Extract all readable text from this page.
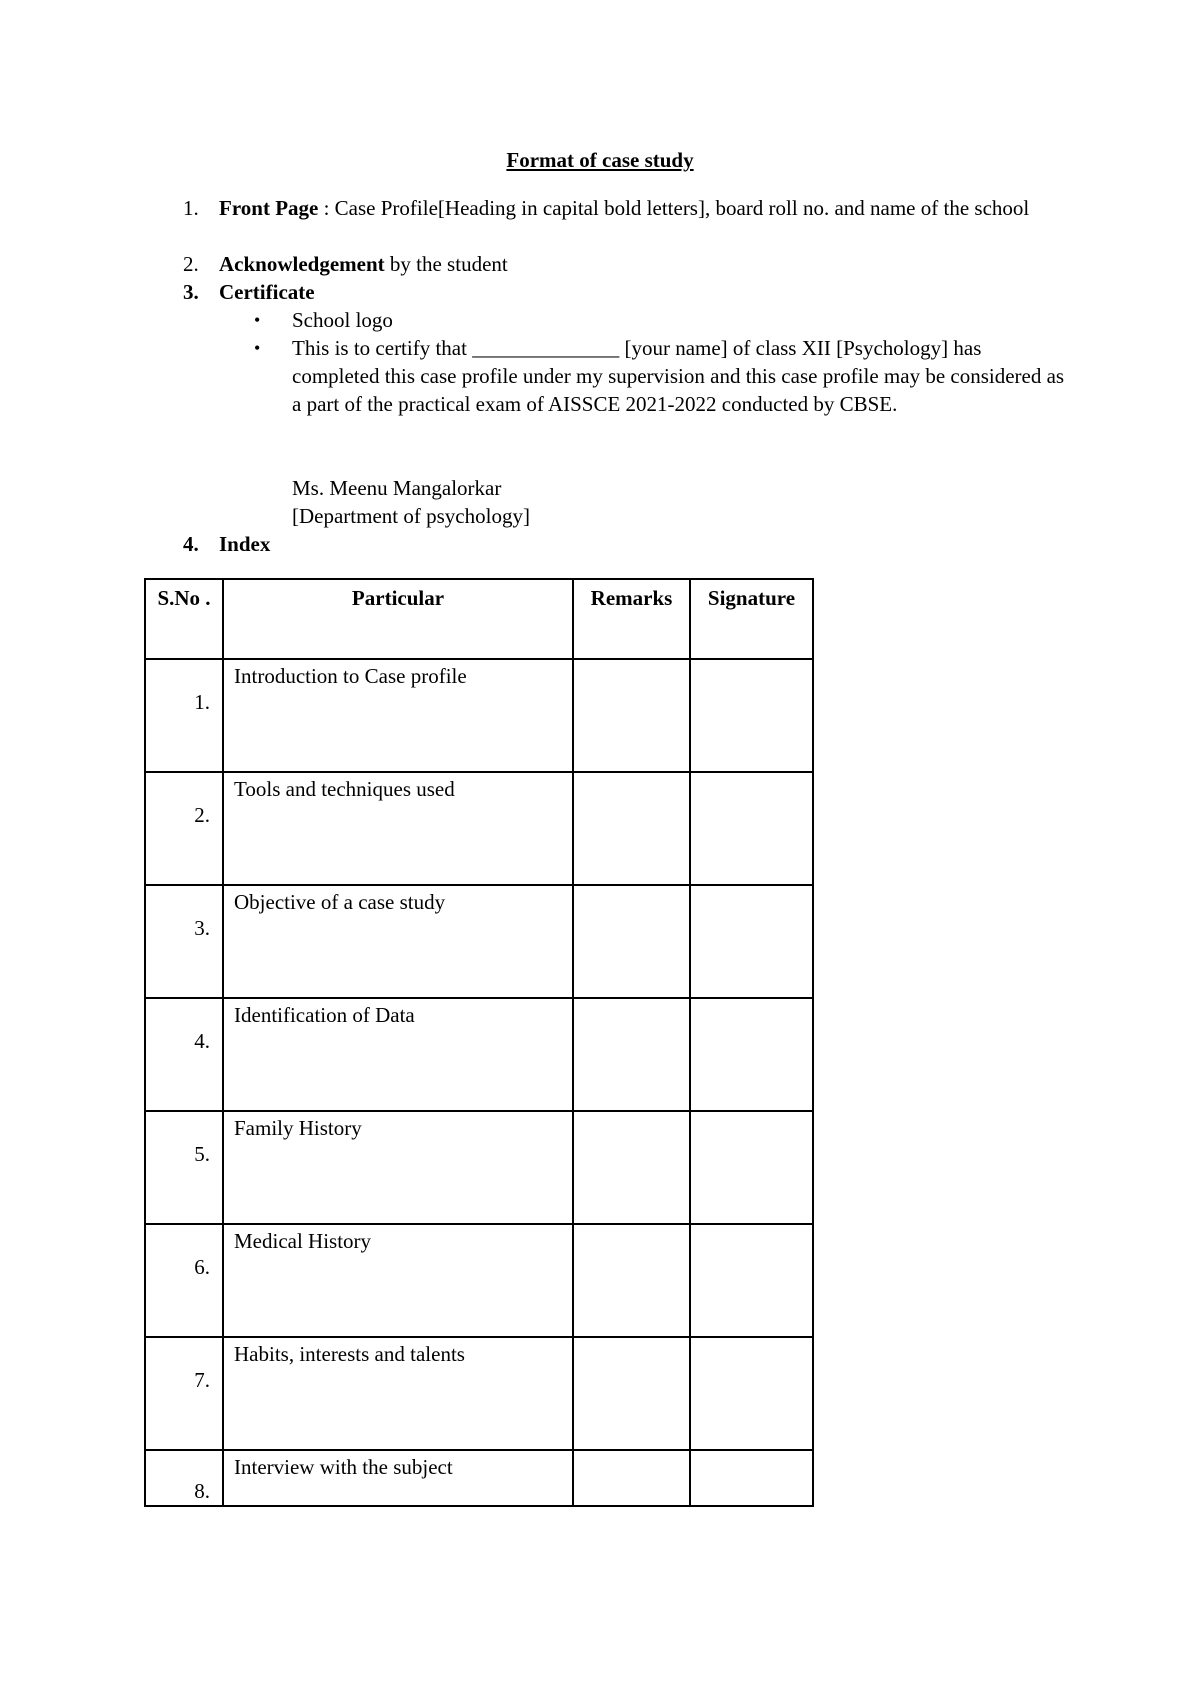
Format of case study
1. Front Page : Case Profile[Heading in capital bold letters], board roll no. and name of the school
2. Acknowledgement by the student
3. Certificate
• School logo
• This is to certify that ______________ [your name] of class XII [Psychology] has completed this case profile under my supervision and this case profile may be considered as a part of the practical exam of AISSCE 2021-2022 conducted by CBSE.
Ms. Meenu Mangalorkar
[Department of psychology]
4. Index
S.No .	Particular	Remarks	Signature

1.	Introduction to Case profile		

2.	Tools and techniques used		

3.	Objective of a case study		

4.	Identification of Data		

5.	Family History		

6.	Medical History		

7.	Habits, interests and talents		

8.	Interview with the subject		
